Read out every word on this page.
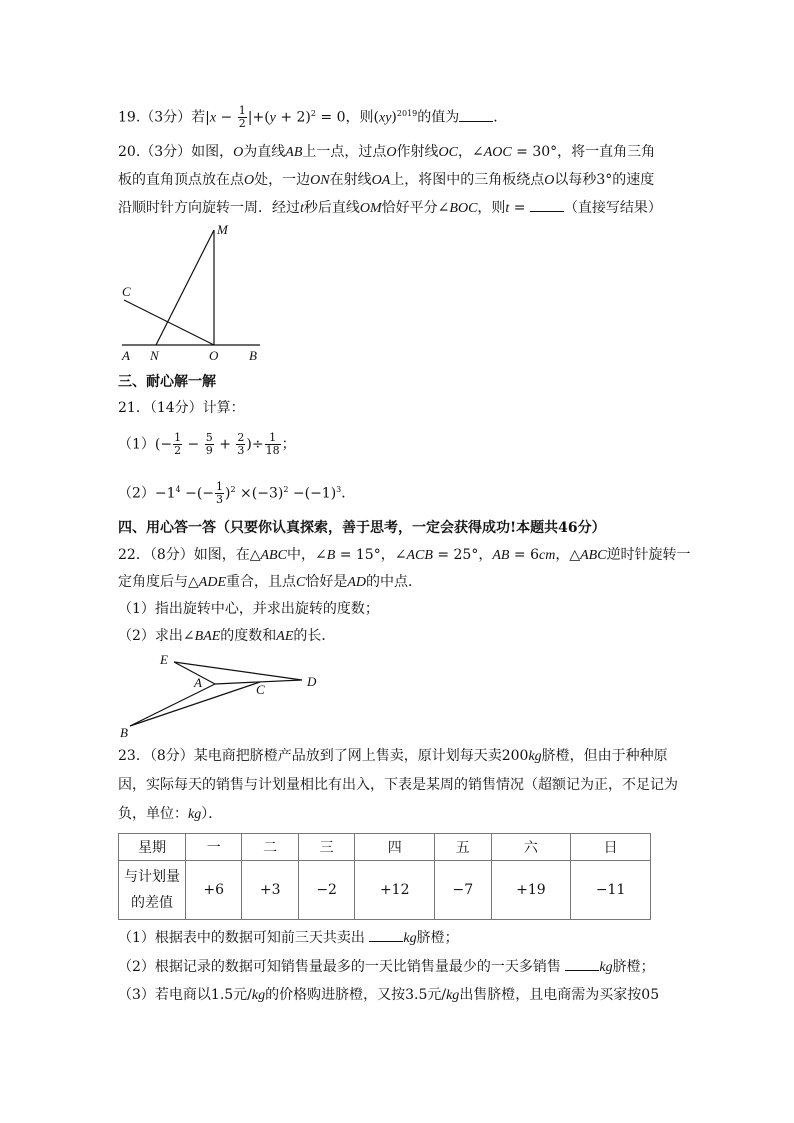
19.（3分）若$|x - \frac{1}{2} |+(y + 2)^2 = 0$，则(xy)$^{2019}$的值为 .
20.（3分）如图，O为直线AB上一点，过点O作射线OC，∠AOC = 30°，将一直角三角
板的直角顶点放在点O处，一边ON在射线OA上，将图中的三角板绕点O以每秒3°的速度
沿顺时针方向旋转一周．经过t秒后直线OM恰好平分∠BOC，则t = （直接写结果）
M
C
A N	O B
三、耐心解一解
21．（14分）计算：
$(1)(- \frac{1}{2} - \frac{5}{9} + \frac{2}{3}$ )÷ $\frac{1}{18}$ ；
$(2)-1^4$ −(− $\frac{1}{3} )^2 \times(-3)^2 -(-1)^3$．
四、用心答一答（只要你认真探索，善于思考，一定会获得成功!本题共46分）
22．（8分）如图，在△ABC中，∠B = 15°，∠ACB = 25°，AB = 6cm，△ABC逆时针旋转一
定角度后与△ADE重合，且点C恰好是AD的中点．
（1）指出旋转中心，并求出旋转的度数；
（2）求出∠BAE的度数和AE的长．
E
A	C
D
B
23．（8分）某电商把脐橙产品放到了网上售卖，原计划每天卖200kg脐橙，但由于种种原
因，实际每天的销售与计划量相比有出入，下表是某周的销售情况（超额记为正，不足记为
负，单位：kg）．
星期	一	二	三	四	五	六	日
与计划量
的差值	+6	+3	−2	+12	−7	+19	−11
（1）根据表中的数据可知前三天共卖出 kg脐橙；
（2）根据记录的数据可知销售量最多的一天比销售量最少的一天多销售 kg脐橙；
（3）若电商以1.5元/kg的价格购进脐橙，又按3.5元/kg出售脐橙，且电商需为买家按05
